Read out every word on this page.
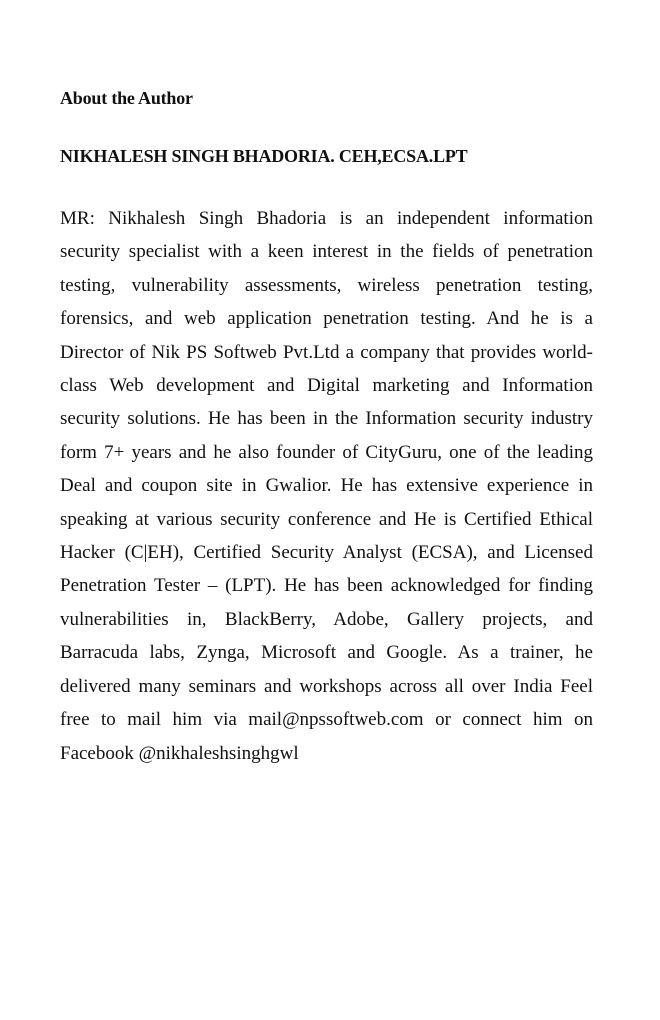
About the Author
NIKHALESH SINGH BHADORIA. CEH,ECSA.LPT
MR: Nikhalesh Singh Bhadoria is an independent information
security specialist with a keen interest in the fields of penetration
testing, vulnerability assessments, wireless penetration testing,
forensics, and web application penetration testing. And he is a
Director of Nik PS Softweb Pvt.Ltd a company that provides world-
class Web development and Digital marketing and Information
security solutions. He has been in the Information security industry
form 7+ years and he also founder of CityGuru, one of the leading
Deal and coupon site in Gwalior. He has extensive experience in
speaking at various security conference and He is Certified Ethical
Hacker (C|EH), Certified Security Analyst (ECSA), and Licensed
Penetration Tester – (LPT). He has been acknowledged for finding
vulnerabilities in, BlackBerry, Adobe, Gallery projects, and
Barracuda labs, Zynga, Microsoft and Google. As a trainer, he
delivered many seminars and workshops across all over India Feel
free to mail him via mail@npssoftweb.com or connect him on
Facebook @nikhaleshsinghgwl
